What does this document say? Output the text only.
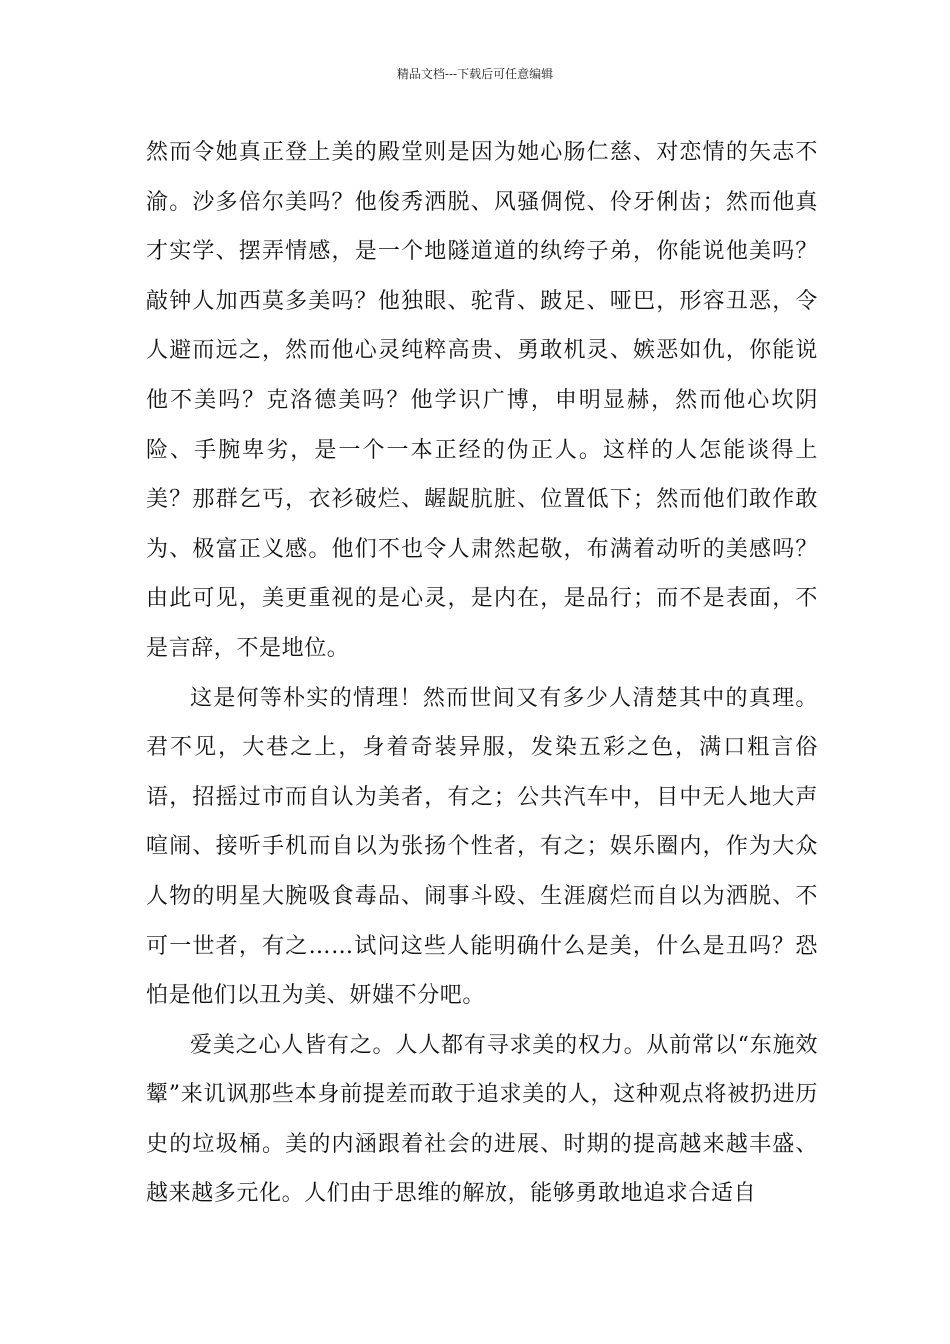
精品文档---下载后可任意编辑

然而令她真正登上美的殿堂则是因为她心肠仁慈、对恋情的矢志不渝。沙多倍尔美吗？他俊秀洒脱、风骚倜傥、伶牙俐齿；然而他真才实学、摆弄情感，是一个地隧道道的纨绔子弟，你能说他美吗？敲钟人加西莫多美吗？他独眼、驼背、跛足、哑巴，形容丑恶，令人避而远之，然而他心灵纯粹高贵、勇敢机灵、嫉恶如仇，你能说他不美吗？克洛德美吗？他学识广博，申明显赫，然而他心坎阴险、手腕卑劣，是一个一本正经的伪正人。这样的人怎能谈得上美？那群乞丐，衣衫破烂、龌龊肮脏、位置低下；然而他们敢作敢为、极富正义感。他们不也令人肃然起敬，布满着动听的美感吗？由此可见，美更重视的是心灵，是内在，是品行；而不是表面，不是言辞，不是地位。

这是何等朴实的情理！然而世间又有多少人清楚其中的真理。君不见，大巷之上，身着奇装异服，发染五彩之色，满口粗言俗语，招摇过市而自认为美者，有之；公共汽车中，目中无人地大声喧闹、接听手机而自以为张扬个性者，有之；娱乐圈内，作为大众人物的明星大腕吸食毒品、闹事斗殴、生涯腐烂而自以为洒脱、不可一世者，有之……试问这些人能明确什么是美，什么是丑吗？恐怕是他们以丑为美、妍媸不分吧。

爱美之心人皆有之。人人都有寻求美的权力。从前常以“东施效颦”来讥讽那些本身前提差而敢于追求美的人，这种观点将被扔进历史的垃圾桶。美的内涵跟着社会的进展、时期的提高越来越丰盛、越来越多元化。人们由于思维的解放，能够勇敢地追求合适自
